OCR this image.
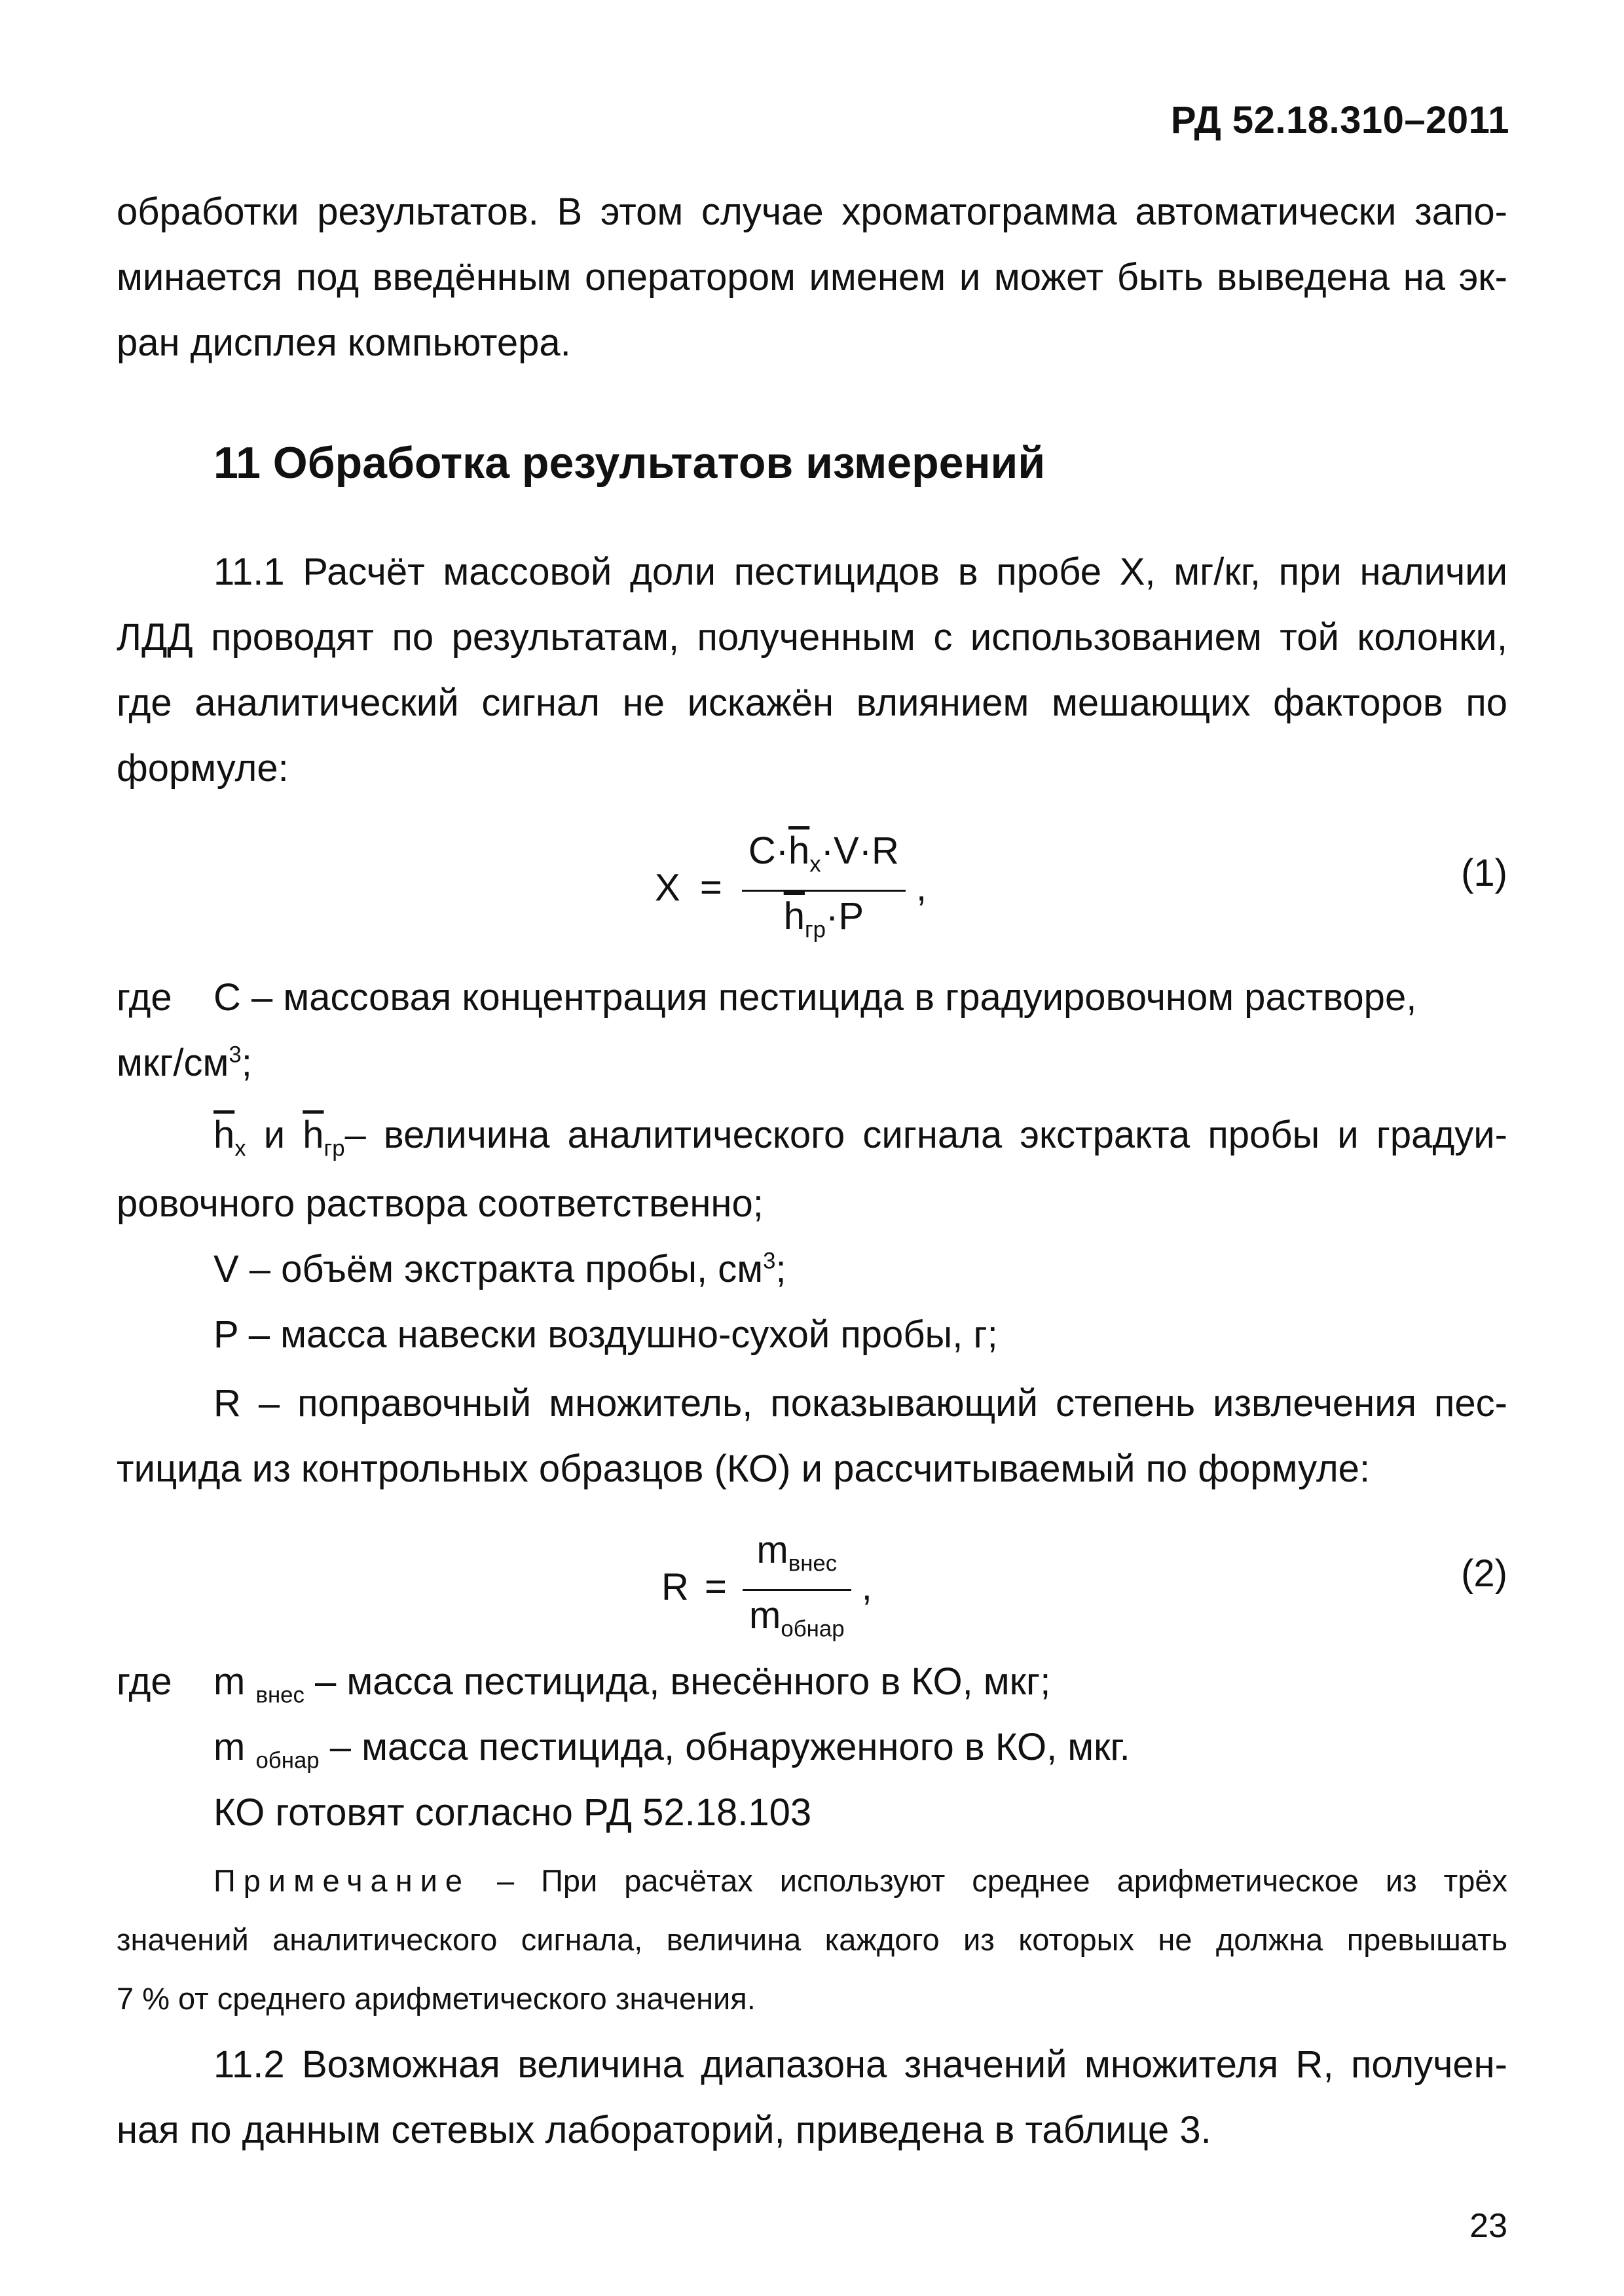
РД 52.18.310–2011
обработки результатов. В этом случае хроматограмма автоматически запо-
минается под введённым оператором именем и может быть выведена на эк-
ран дисплея компьютера.
11 Обработка результатов измерений
11.1 Расчёт массовой доли пестицидов в пробе X, мг/кг, при наличии
ЛДД проводят по результатам, полученным с использованием той колонки,
где аналитический сигнал не искажён влиянием мешающих факторов по
формуле:
$X = \frac{C\cdot\overline{h}_x\cdot V\cdot R}{\overline{h}_{гр}\cdot P}$ ,	(1)
где C – массовая концентрация пестицида в градуировочном растворе,
мкг/$см^3$;
$\overline{h}_x$ и $\overline{h}_{гр}-$ величина аналитического сигнала экстракта пробы и градуи-
ровочного раствора соответственно;
V – объём экстракта пробы, $см^3$;
P – масса навески воздушно-сухой пробы, г;
R – поправочный множитель, показывающий степень извлечения пес-
тицида из контрольных образцов (КО) и рассчитываемый по формуле:
$R = \frac{m_{внес}}{m_{обнар}}$ ,	(2)
где m $_{внес}$ – масса пестицида, внесённого в КО, мкг;
m $_{обнар}$ – масса пестицида, обнаруженного в КО, мкг.
КО готовят согласно РД 52.18.103
Примечание – При расчётах используют среднее арифметическое из трёх
значений аналитического сигнала, величина каждого из которых не должна превышать
7 % от среднего арифметического значения.
11.2 Возможная величина диапазона значений множителя R, получен-
ная по данным сетевых лабораторий, приведена в таблице 3.
23
